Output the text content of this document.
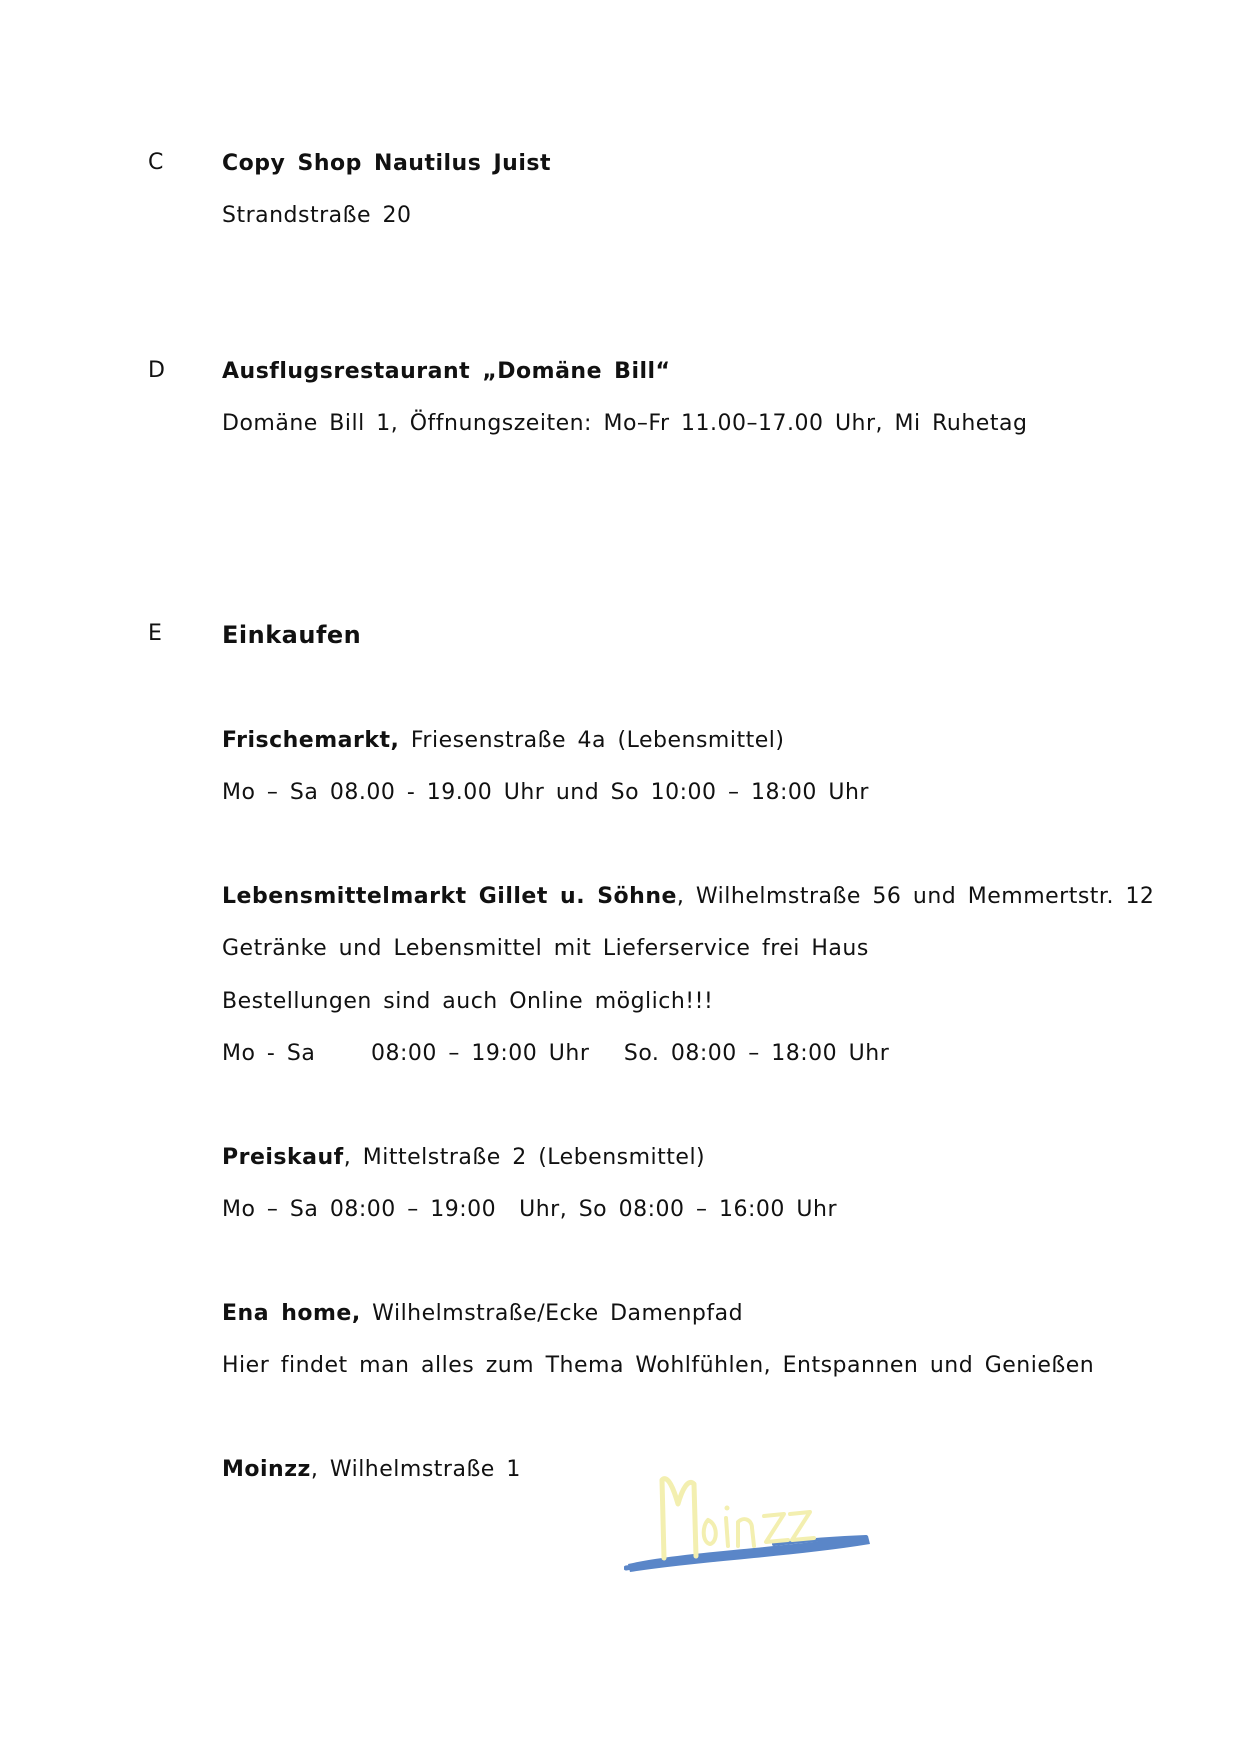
C	Copy Shop Nautilus Juist
Strandstraße 20
D	Ausflugsrestaurant „Domäne Bill“
Domäne Bill 1, Öffnungszeiten: Mo–Fr 11.00–17.00 Uhr, Mi Ruhetag
E Einkaufen
Frischemarkt, Friesenstraße 4a (Lebensmittel)
Mo – Sa 08.00 - 19.00 Uhr und So 10:00 – 18:00 Uhr
Lebensmittelmarkt Gillet u. Söhne, Wilhelmstraße 56 und Memmertstr. 12
Getränke und Lebensmittel mit Lieferservice frei Haus
Bestellungen sind auch Online möglich!!!
Mo - Sa	08:00 – 19:00 Uhr   So. 08:00 – 18:00 Uhr
Preiskauf, Mittelstraße 2 (Lebensmittel)
Mo – Sa 08:00 – 19:00  Uhr, So 08:00 – 16:00 Uhr
Ena home, Wilhelmstraße/Ecke Damenpfad
Hier findet man alles zum Thema Wohlfühlen, Entspannen und Genießen
Moinzz, Wilhelmstraße 1
